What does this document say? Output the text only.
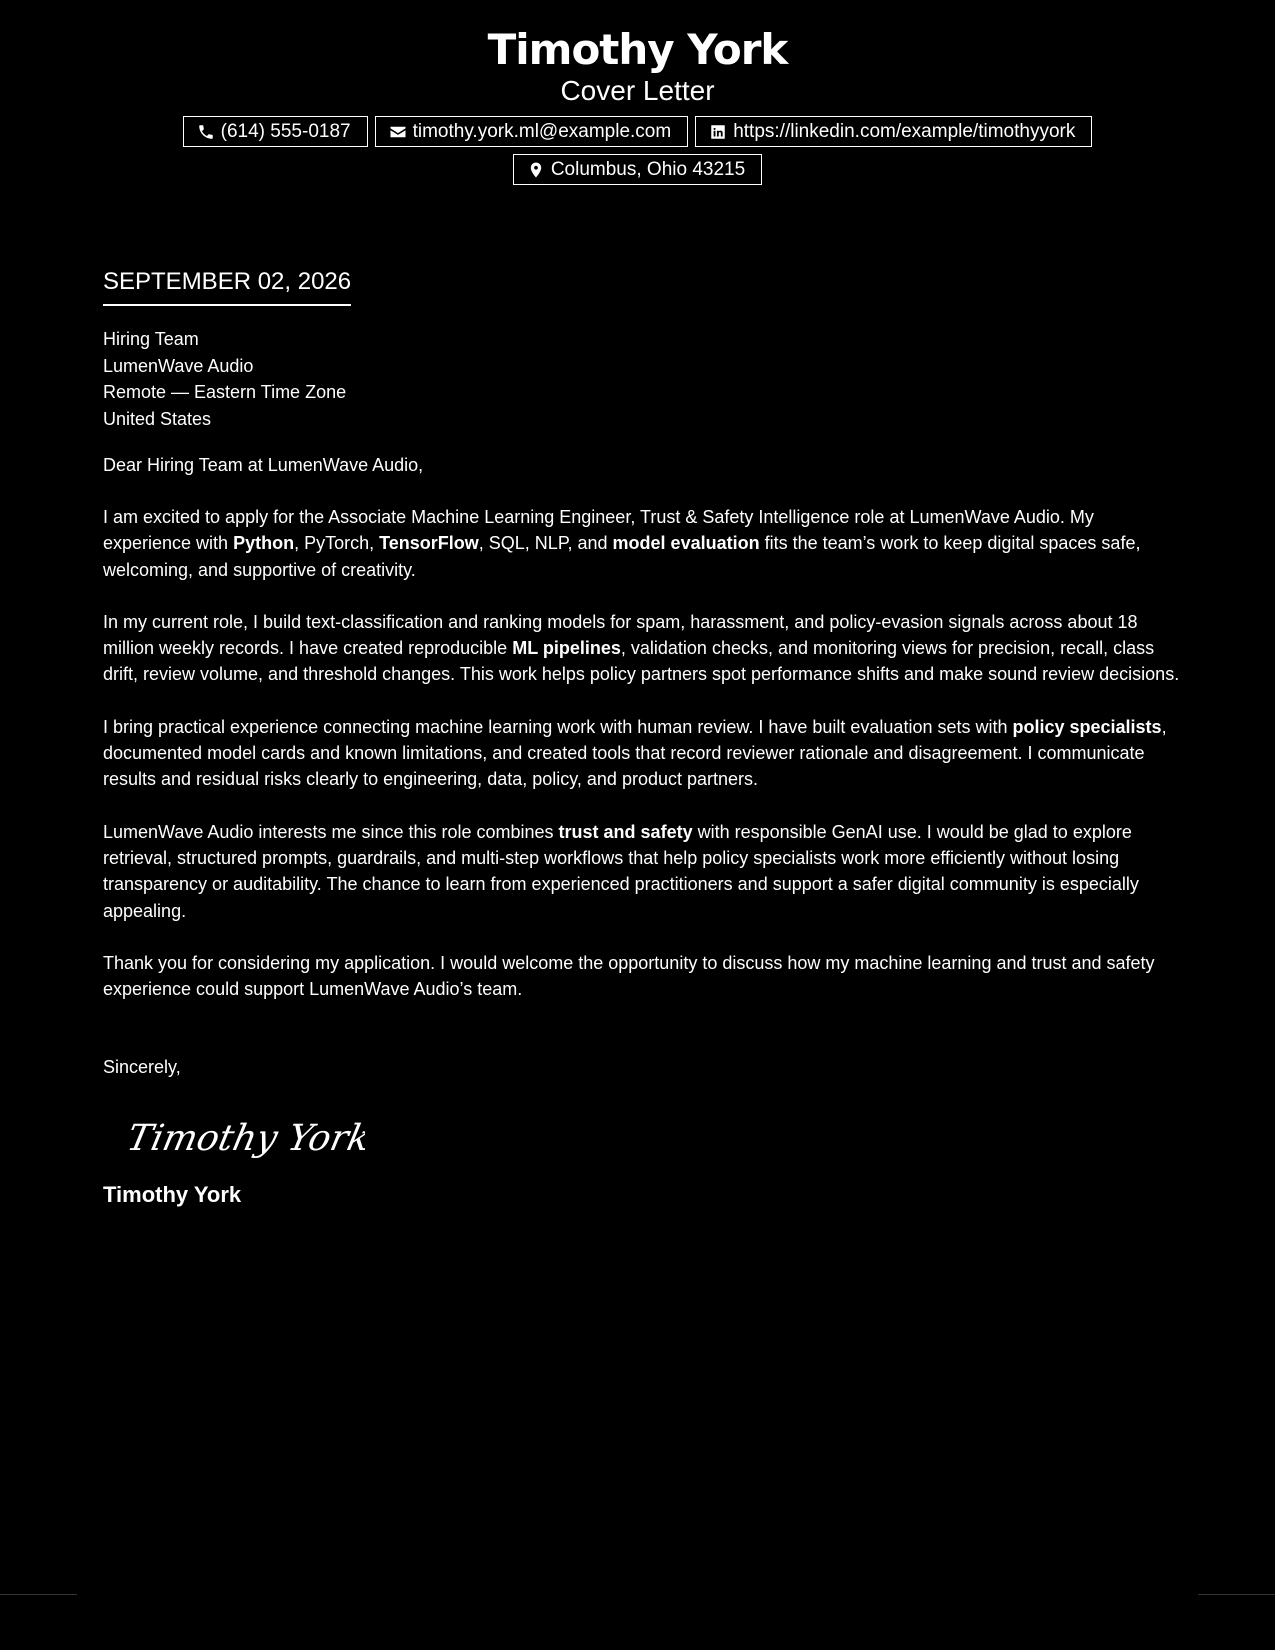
Timothy York
Cover Letter
(614) 555-0187	timothy.york.ml@example.com	https://linkedin.com/example/timothyyork
Columbus, Ohio 43215
SEPTEMBER 02, 2026
Hiring Team
LumenWave Audio
Remote — Eastern Time Zone
United States
Dear Hiring Team at LumenWave Audio,

I am excited to apply for the Associate Machine Learning Engineer, Trust & Safety Intelligence role at LumenWave Audio. My experience with Python, PyTorch, TensorFlow, SQL, NLP, and model evaluation fits the team’s work to keep digital spaces safe, welcoming, and supportive of creativity.

In my current role, I build text-classification and ranking models for spam, harassment, and policy-evasion signals across about 18 million weekly records. I have created reproducible ML pipelines, validation checks, and monitoring views for precision, recall, class drift, review volume, and threshold changes. This work helps policy partners spot performance shifts and make sound review decisions.

I bring practical experience connecting machine learning work with human review. I have built evaluation sets with policy specialists, documented model cards and known limitations, and created tools that record reviewer rationale and disagreement. I communicate results and residual risks clearly to engineering, data, policy, and product partners.

LumenWave Audio interests me since this role combines trust and safety with responsible GenAI use. I would be glad to explore retrieval, structured prompts, guardrails, and multi-step workflows that help policy specialists work more efficiently without losing transparency or auditability. The chance to learn from experienced practitioners and support a safer digital community is especially appealing.

Thank you for considering my application. I would welcome the opportunity to discuss how my machine learning and trust and safety experience could support LumenWave Audio’s team.

Sincerely,
Timothy York
Timothy York
